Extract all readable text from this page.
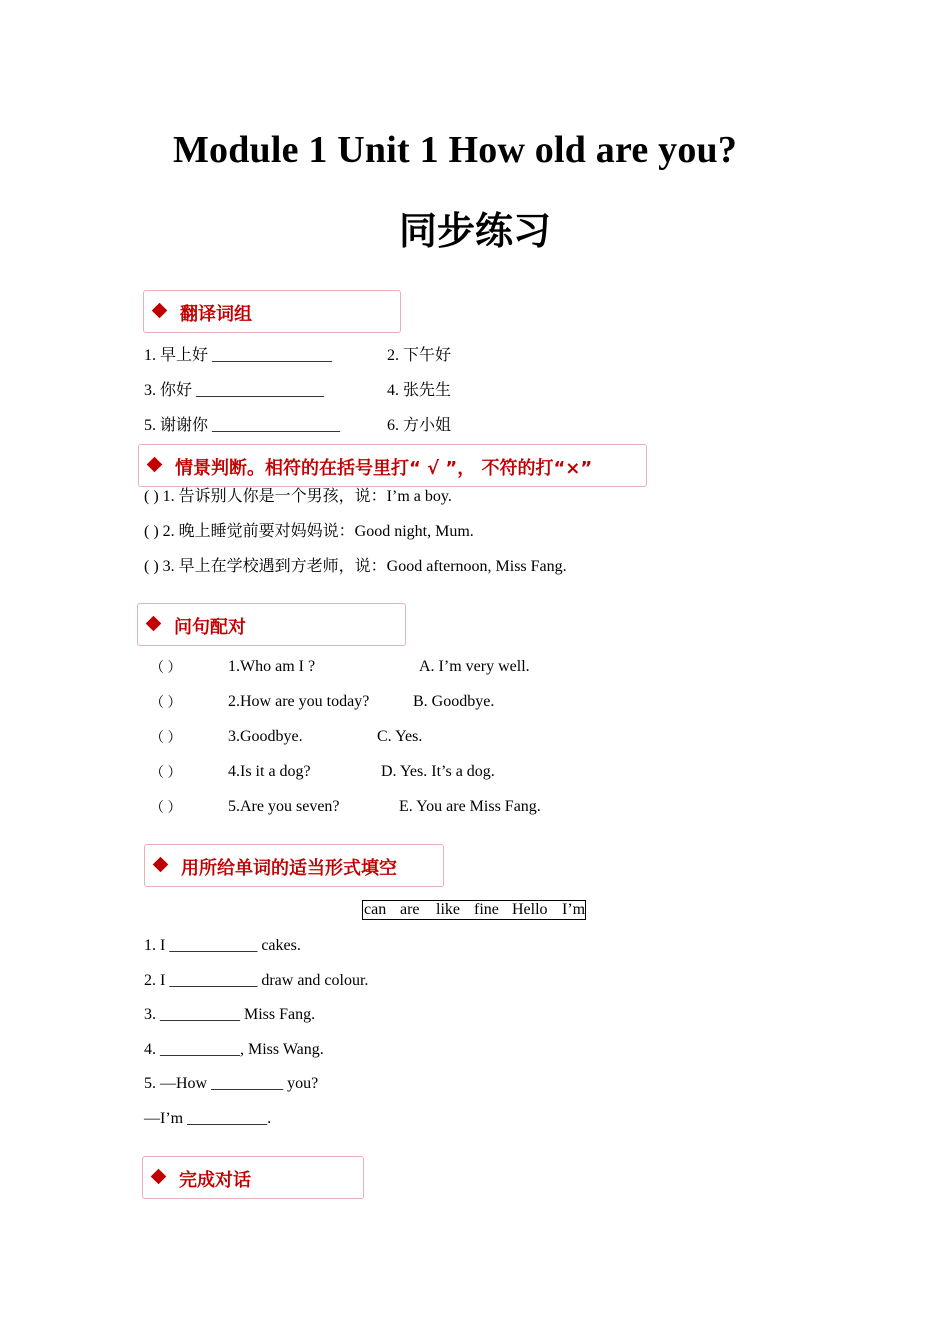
Module 1 Unit 1 How old are you?
同步练习
翻译词组
1. 早上好 _______________	2. 下午好
3. 你好 ________________	4. 张先生
5. 谢谢你 ________________	6. 方小姐
( ) 1. 告诉别人你是一个男孩，说：I’m a boy.
情景判断。相符的在括号里打“ √ ”， 不符的打“×”
( ) 2. 晚上睡觉前要对妈妈说：Good night, Mum.
( ) 3. 早上在学校遇到方老师，说：Good afternoon, Miss Fang.
问句配对
（ ）	1.Who am I ?	A. I’m very well.
（ ）	2.How are you today?	B. Goodbye.
（ ）	3.Goodbye.	C. Yes.
（ ）	4.Is it a dog?	D. Yes. It’s a dog.
（ ）	5.Are you seven?	E. You are Miss Fang.
用所给单词的适当形式填空
can are like fine Hello I’m
1. I ___________ cakes.
2. I ___________ draw and colour.
3. __________ Miss Fang.
4. __________, Miss Wang.
5. —How _________ you?
—I’m __________.
完成对话
